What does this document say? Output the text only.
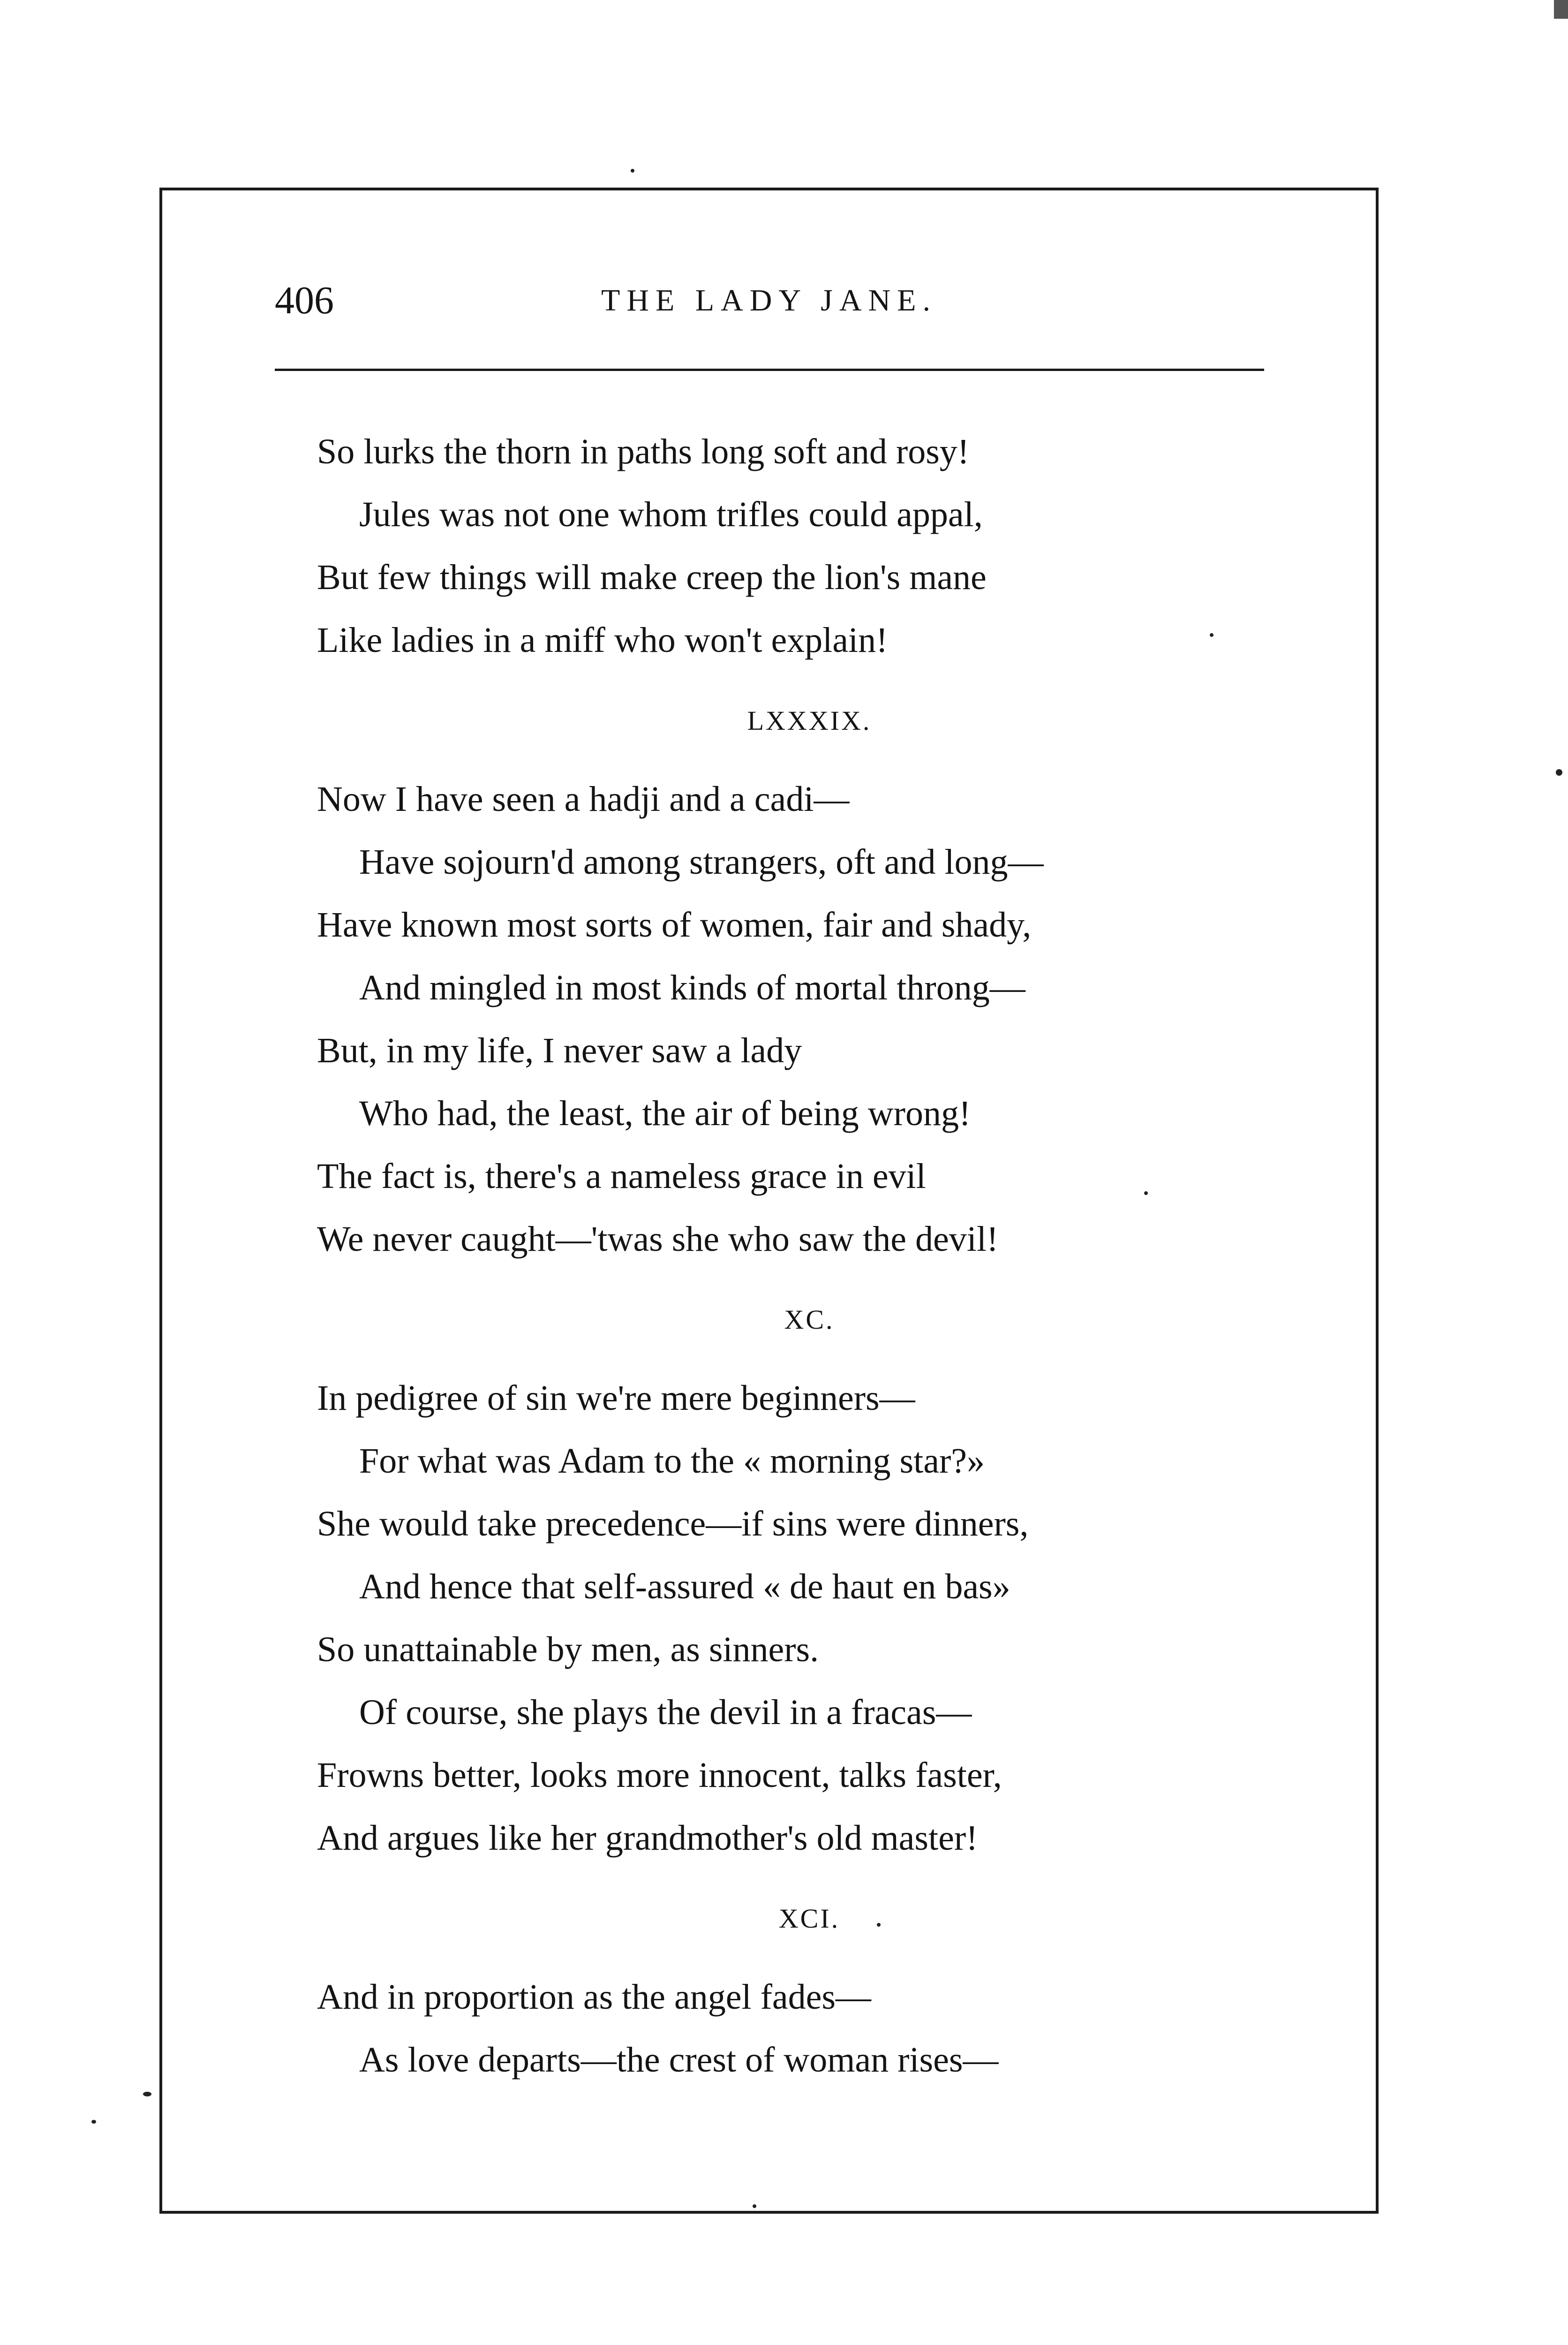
406	THE LADY JANE.
So lurks the thorn in paths long soft and rosy!
Jules was not one whom trifles could appal,
But few things will make creep the lion's mane
Like ladies in a miff who won't explain!
LXXXIX.
Now I have seen a hadji and a cadi—
Have sojourn'd among strangers, oft and long—
Have known most sorts of women, fair and shady,
And mingled in most kinds of mortal throng—
But, in my life, I never saw a lady
Who had, the least, the air of being wrong!
The fact is, there's a nameless grace in evil
We never caught—'twas she who saw the devil!
XC.
In pedigree of sin we're mere beginners—
For what was Adam to the « morning star?»
She would take precedence—if sins were dinners,
And hence that self-assured « de haut en bas»
So unattainable by men, as sinners.
Of course, she plays the devil in a fracas—
Frowns better, looks more innocent, talks faster,
And argues like her grandmother's old master!
XCI.
And in proportion as the angel fades—
As love departs—the crest of woman rises—
